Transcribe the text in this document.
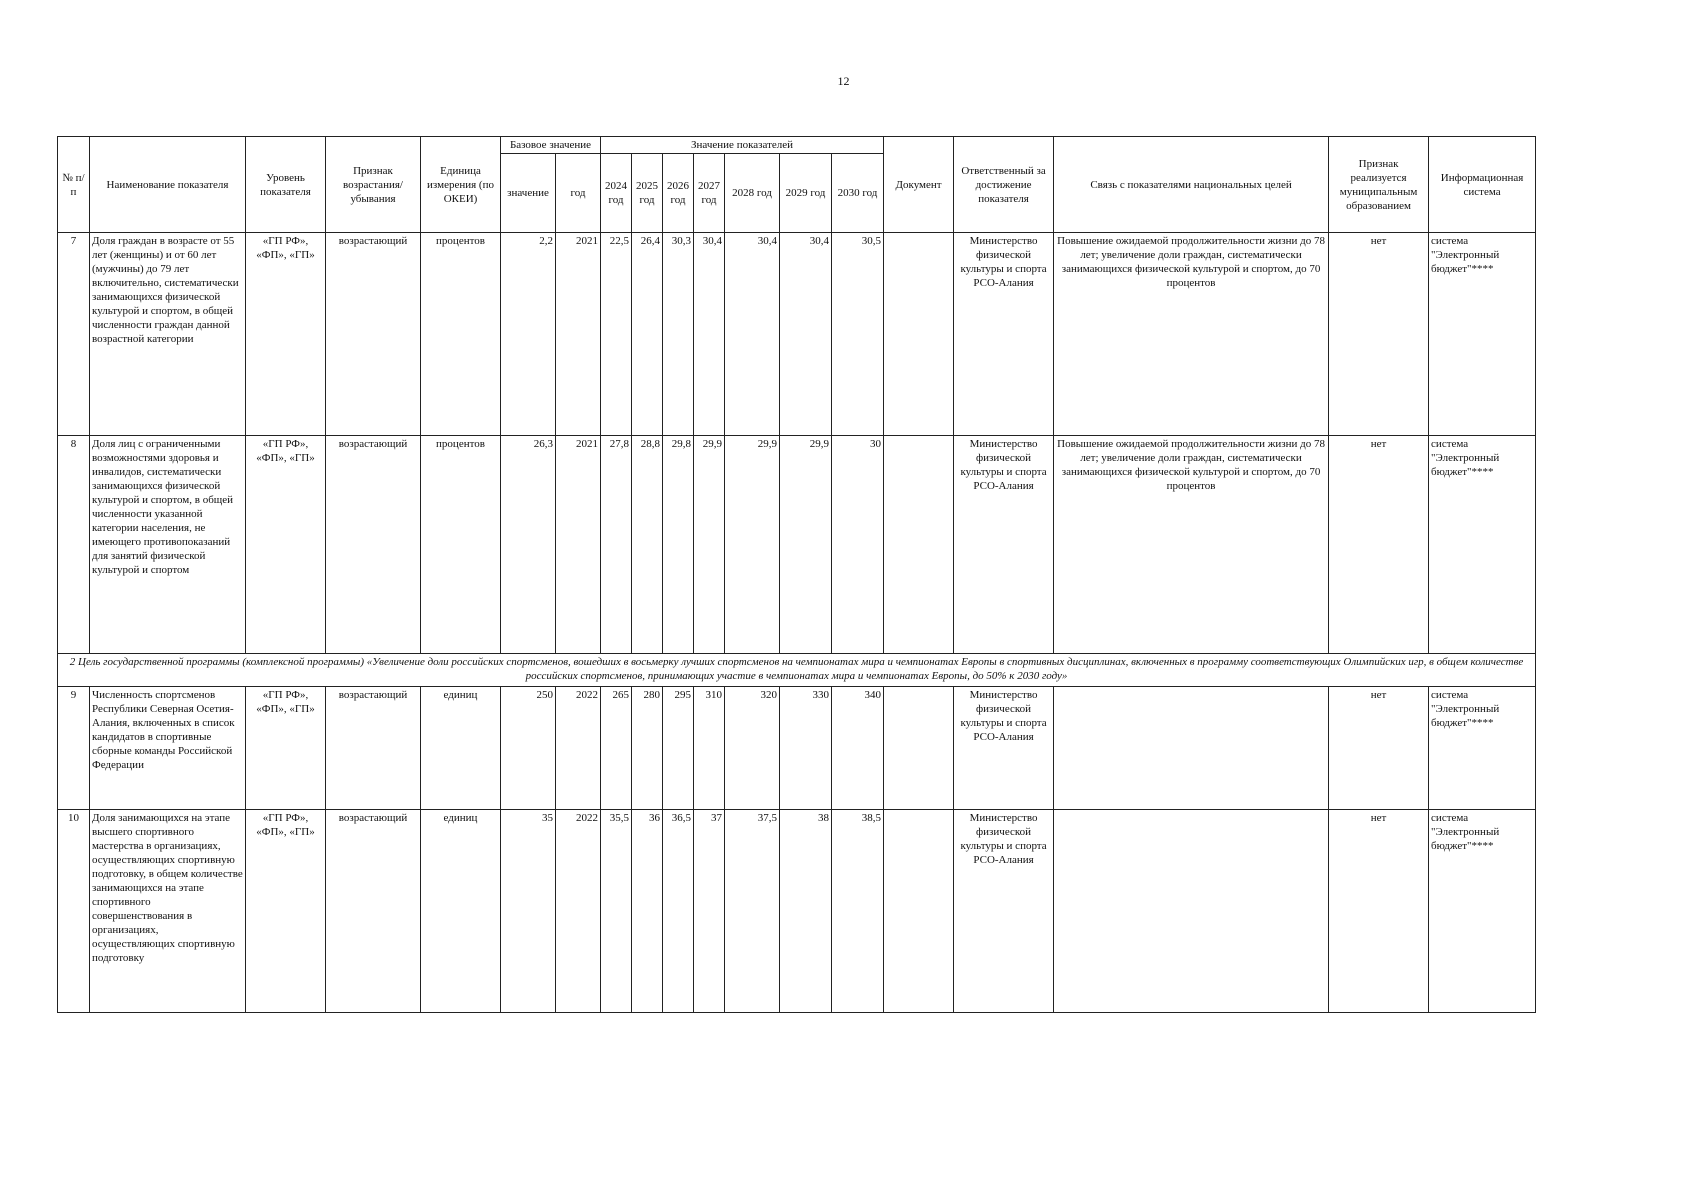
12
№ п/п	Наименование показателя	Уровень показателя	Признак возрастания/ убывания	Единица измерения (по ОКЕИ)	Базовое значение		Значение показателей							Документ	Ответственный за достижение показателя	Связь с показателями национальных целей	Признак реализуется муниципальным образованием	Информационная система
					значение	год	2024 год	2025 год	2026 год	2027 год	2028 год	2029 год	2030 год					
7	Доля граждан в возрасте от 55 лет (женщины) и от 60 лет (мужчины) до 79 лет включительно, систематически занимающихся физической культурой и спортом, в общей численности граждан данной возрастной категории	«ГП РФ», «ФП», «ГП»	возрастающий	процентов	2,2	2021	22,5	26,4	30,3	30,4	30,4	30,4	30,5		Министерство физической культуры и спорта РСО-Алания	Повышение ожидаемой продолжительности жизни до 78 лет; увеличение доли граждан, систематически занимающихся физической культурой и спортом, до 70 процентов	нет	система "Электронный бюджет"****
8	Доля лиц с ограниченными возможностями здоровья и инвалидов, систематически занимающихся физической культурой и спортом, в общей численности указанной категории населения, не имеющего противопоказаний для занятий физической культурой и спортом	«ГП РФ», «ФП», «ГП»	возрастающий	процентов	26,3	2021	27,8	28,8	29,8	29,9	29,9	29,9	30		Министерство физической культуры и спорта РСО-Алания	Повышение ожидаемой продолжительности жизни до 78 лет; увеличение доли граждан, систематически занимающихся физической культурой и спортом, до 70 процентов	нет	система "Электронный бюджет"****
2 Цель государственной программы (комплексной программы) «Увеличение доли российских спортсменов, вошедших в восьмерку лучших спортсменов на чемпионатах мира и чемпионатах Европы в спортивных дисциплинах, включенных в программу соответствующих Олимпийских игр, в общем количестве российских спортсменов, принимающих участие в чемпионатах мира и чемпионатах Европы, до 50% к 2030 году»																		
9	Численность спортсменов Республики Северная Осетия-Алания, включенных в список кандидатов в спортивные сборные команды Российской Федерации	«ГП РФ», «ФП», «ГП»	возрастающий	единиц	250	2022	265	280	295	310	320	330	340		Министерство физической культуры и спорта РСО-Алания		нет	система "Электронный бюджет"****
10	Доля занимающихся на этапе высшего спортивного мастерства в организациях, осуществляющих спортивную подготовку, в общем количестве занимающихся на этапе спортивного совершенствования в организациях, осуществляющих спортивную подготовку	«ГП РФ», «ФП», «ГП»	возрастающий	единиц	35	2022	35,5	36	36,5	37	37,5	38	38,5		Министерство физической культуры и спорта РСО-Алания		нет	система "Электронный бюджет"****
